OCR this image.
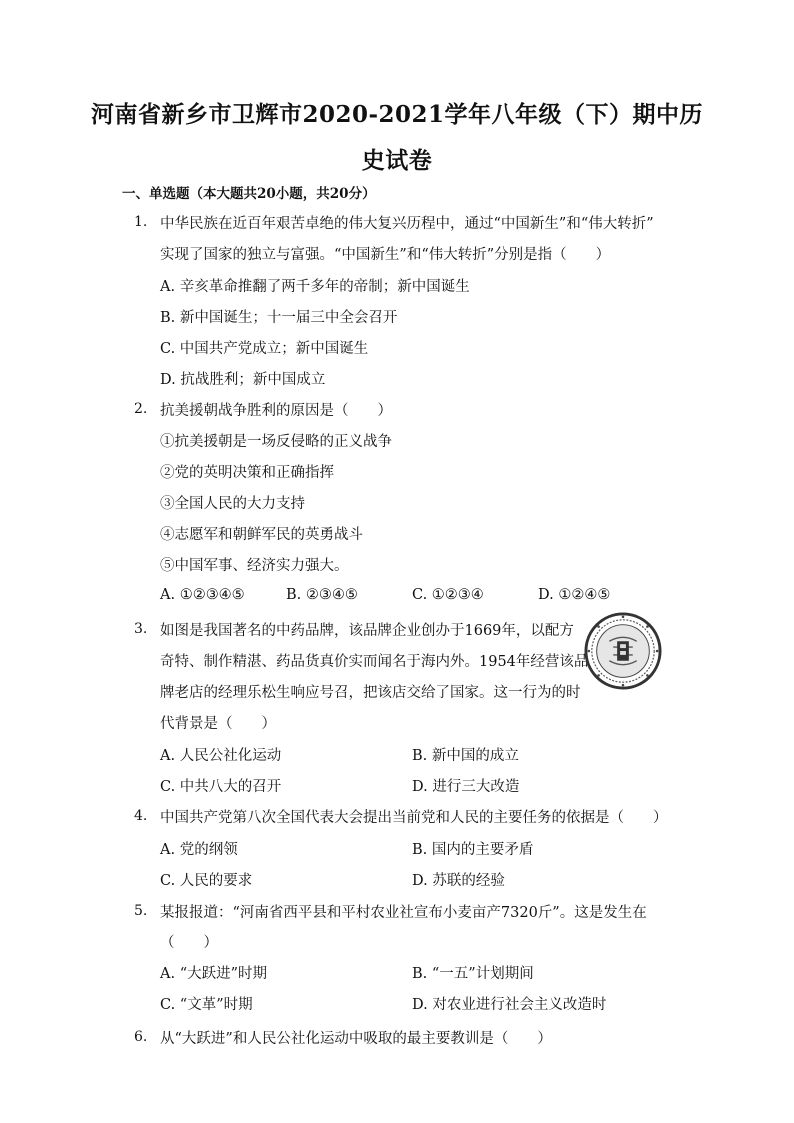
河南省新乡市卫辉市2020-2021学年八年级（下）期中历
史试卷
一、单选题（本大题共20小题，共20分）
1. 中华民族在近百年艰苦卓绝的伟大复兴历程中，通过“中国新生”和“伟大转折”
实现了国家的独立与富强。“中国新生”和“伟大转折”分别是指（　　）
A. 辛亥革命推翻了两千多年的帝制；新中国诞生
B. 新中国诞生；十一届三中全会召开
C. 中国共产党成立；新中国诞生
D. 抗战胜利；新中国成立
2. 抗美援朝战争胜利的原因是（　　）
①抗美援朝是一场反侵略的正义战争
②党的英明决策和正确指挥
③全国人民的大力支持
④志愿军和朝鲜军民的英勇战斗
⑤中国军事、经济实力强大。
A. ①②③④⑤	B. ②③④⑤	C. ①②③④	D. ①②④⑤
3. 如图是我国著名的中药品牌，该品牌企业创办于1669年，以配方
奇特、制作精湛、药品货真价实而闻名于海内外。1954年经营该品
牌老店的经理乐松生响应号召，把该店交给了国家。这一行为的时
代背景是（　　）
A. 人民公社化运动	B. 新中国的成立
C. 中共八大的召开	D. 进行三大改造
4. 中国共产党第八次全国代表大会提出当前党和人民的主要任务的依据是（　　）
A. 党的纲领	B. 国内的主要矛盾
C. 人民的要求	D. 苏联的经验
5. 某报报道：“河南省西平县和平村农业社宣布小麦亩产7320斤”。这是发生在
（　　）
A. “大跃进”时期	B. “一五”计划期间
C. “文革”时期	D. 对农业进行社会主义改造时
6. 从“大跃进”和人民公社化运动中吸取的最主要教训是（　　）
